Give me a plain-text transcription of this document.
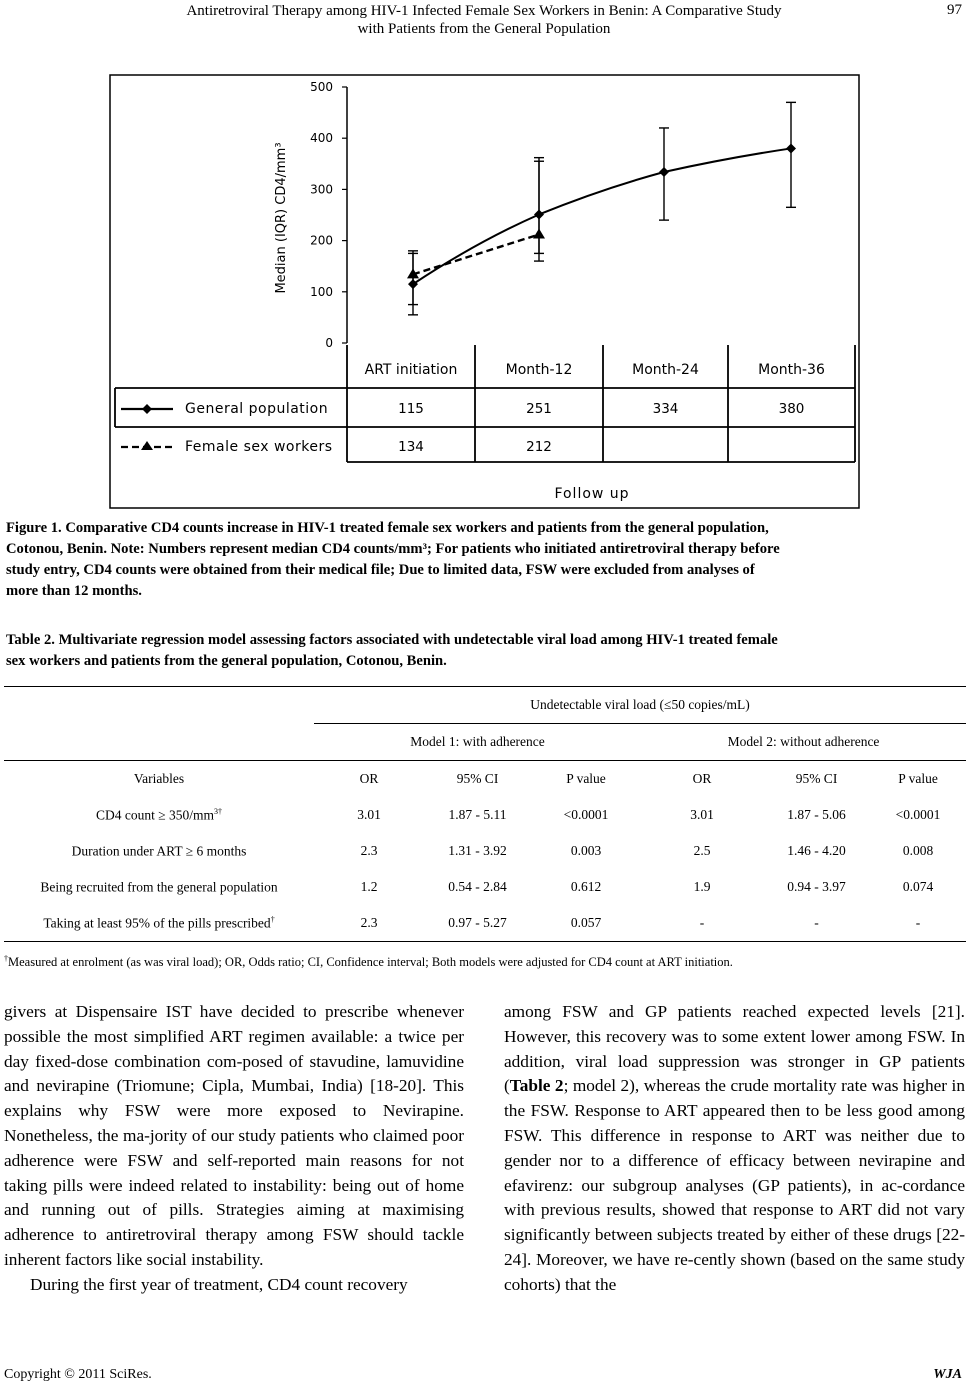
Antiretroviral Therapy among HIV-1 Infected Female Sex Workers in Benin: A Comparative Study
with Patients from the General Population
97
0
100
200
300
400
500
ART initiation	Month-12	Month-24	Month-36
General population	115	251	334	380
Female sex workers	134	212
Follow up
Median (IQR) CD4/mm³
Figure 1. Comparative CD4 counts increase in HIV-1 treated female sex workers and patients from the general population,
Cotonou, Benin. Note: Numbers represent median CD4 counts/mm³; For patients who initiated antiretroviral therapy before
study entry, CD4 counts were obtained from their medical file; Due to limited data, FSW were excluded from analyses of
more than 12 months.
Table 2. Multivariate regression model assessing factors associated with undetectable viral load among HIV-1 treated female
sex workers and patients from the general population, Cotonou, Benin.
	Undetectable viral load (≤50 copies/mL)					
	Model 1: with adherence			Model 2: without adherence		
Variables	OR	95% CI	P value	OR	95% CI	P value
CD4 count ≥ $350/mm^{3\dagger}$	3.01	1.87 - 5.11	<0.0001	3.01	1.87 - 5.06	<0.0001
Duration under ART ≥ 6 months	2.3	1.31 - 3.92	0.003	2.5	1.46 - 4.20	0.008
Being recruited from the general population	1.2	0.54 - 2.84	0.612	1.9	0.94 - 3.97	0.074
Taking at least 95% of the pills prescribed†	2.3	0.97 - 5.27	0.057	-	-	-
†Measured at enrolment (as was viral load); OR, Odds ratio; CI, Confidence interval; Both models were adjusted for CD4 count at ART initiation.

givers at Dispensaire IST have decided to prescribe whenever possible the most simplified ART regimen available: a twice per day fixed-dose combination com-posed of stavudine, lamuvidine and nevirapine (Triomune; Cipla, Mumbai, India) [18-20]. This explains why FSW were more exposed to Nevirapine. Nonetheless, the ma-jority of our study patients who claimed poor adherence were FSW and self-reported main reasons for not taking pills were indeed related to instability: being out of home and running out of pills. Strategies aiming at maximising adherence to antiretroviral therapy among FSW should tackle inherent factors like social instability.

During the first year of treatment, CD4 count recovery

among FSW and GP patients reached expected levels [21]. However, this recovery was to some extent lower among FSW. In addition, viral load suppression was stronger in GP patients (Table 2; model 2), whereas the crude mortality rate was higher in the FSW. Response to ART appeared then to be less good among FSW. This difference in response to ART was neither due to gender nor to a difference of efficacy between nevirapine and efavirenz: our subgroup analyses (GP patients), in ac-cordance with previous results, showed that response to ART did not vary significantly between subjects treated by either of these drugs [22-24]. Moreover, we have re-cently shown (based on the same study cohorts) that the

Copyright © 2011 SciRes.	WJA
